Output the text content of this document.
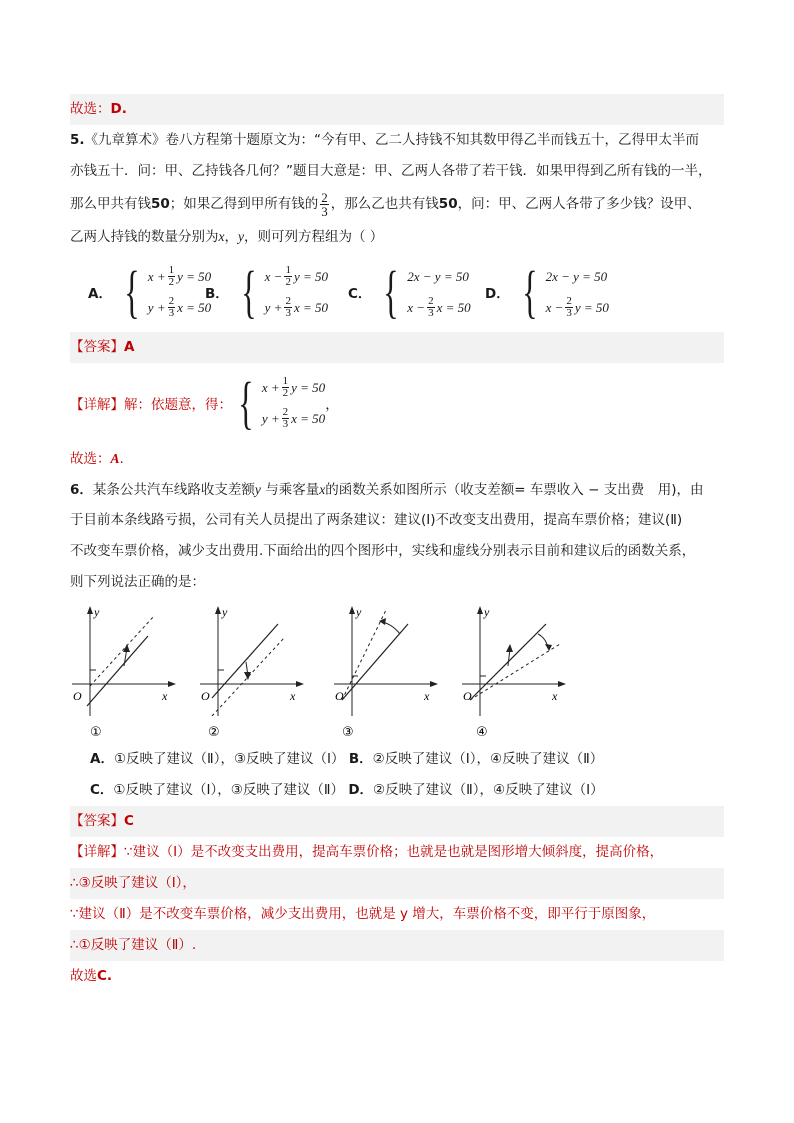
故选：D.
5.《九章算术》卷八方程第十题原文为：“今有甲、乙二人持钱不知其数甲得乙半而钱五十，乙得甲太半而
亦钱五十．问：甲、乙持钱各几何？”题目大意是：甲、乙两人各带了若干钱．如果甲得到乙所有钱的一半，
那么甲共有钱50；如果乙得到甲所有钱的 $\frac{2}{3}$ ，那么乙也共有钱50，问：甲、乙两人各带了多少钱？设甲、
乙两人持钱的数量分别为x，y，则可列方程组为（ ）
A． { $x + \frac{1}{2}$ y = 50
$y + \frac{2}{3}$ x = 50
B． { $x - \frac{1}{2}$ y = 50
$y + \frac{2}{3}$ x = 50
C． { 2x − y = 50
$x - \frac{2}{3}$ x = 50
D． { 2x − y = 50
$x - \frac{2}{3}$ y = 50
【答案】A
【详解】 解：依题意，得： { $x + \frac{1}{2}$ y = 50
$y + \frac{2}{3}$ x = 50
，
故选：A.
6．某条公共汽车线路收支差额y 与乘客量x的函数关系如图所示（收支差额= 车票收入 − 支出费　用)，由
于目前本条线路亏损，公司有关人员提出了两条建议：建议(Ⅰ)不改变支出费用，提高车票价格；建议(Ⅱ)
不改变车票价格，减少支出费用.下面给出的四个图形中，实线和虚线分别表示目前和建议后的函数关系，
则下列说法正确的是：
y
x
O
①
y
x
O
②
y
x
O
③
y
x
O
④
A．①反映了建议（Ⅱ），③反映了建议（Ⅰ） B．②反映了建议（Ⅰ），④反映了建议（Ⅱ）
C．①反映了建议（Ⅰ），③反映了建议（Ⅱ） D．②反映了建议（Ⅱ），④反映了建议（Ⅰ）
【答案】C
【详解】∵建议（Ⅰ）是不改变支出费用，提高车票价格；也就是也就是图形增大倾斜度，提高价格，
∴③反映了建议（Ⅰ），
∵建议（Ⅱ）是不改变车票价格，减少支出费用，也就是 y 增大，车票价格不变，即平行于原图象，
∴①反映了建议（Ⅱ）.
故选C.
